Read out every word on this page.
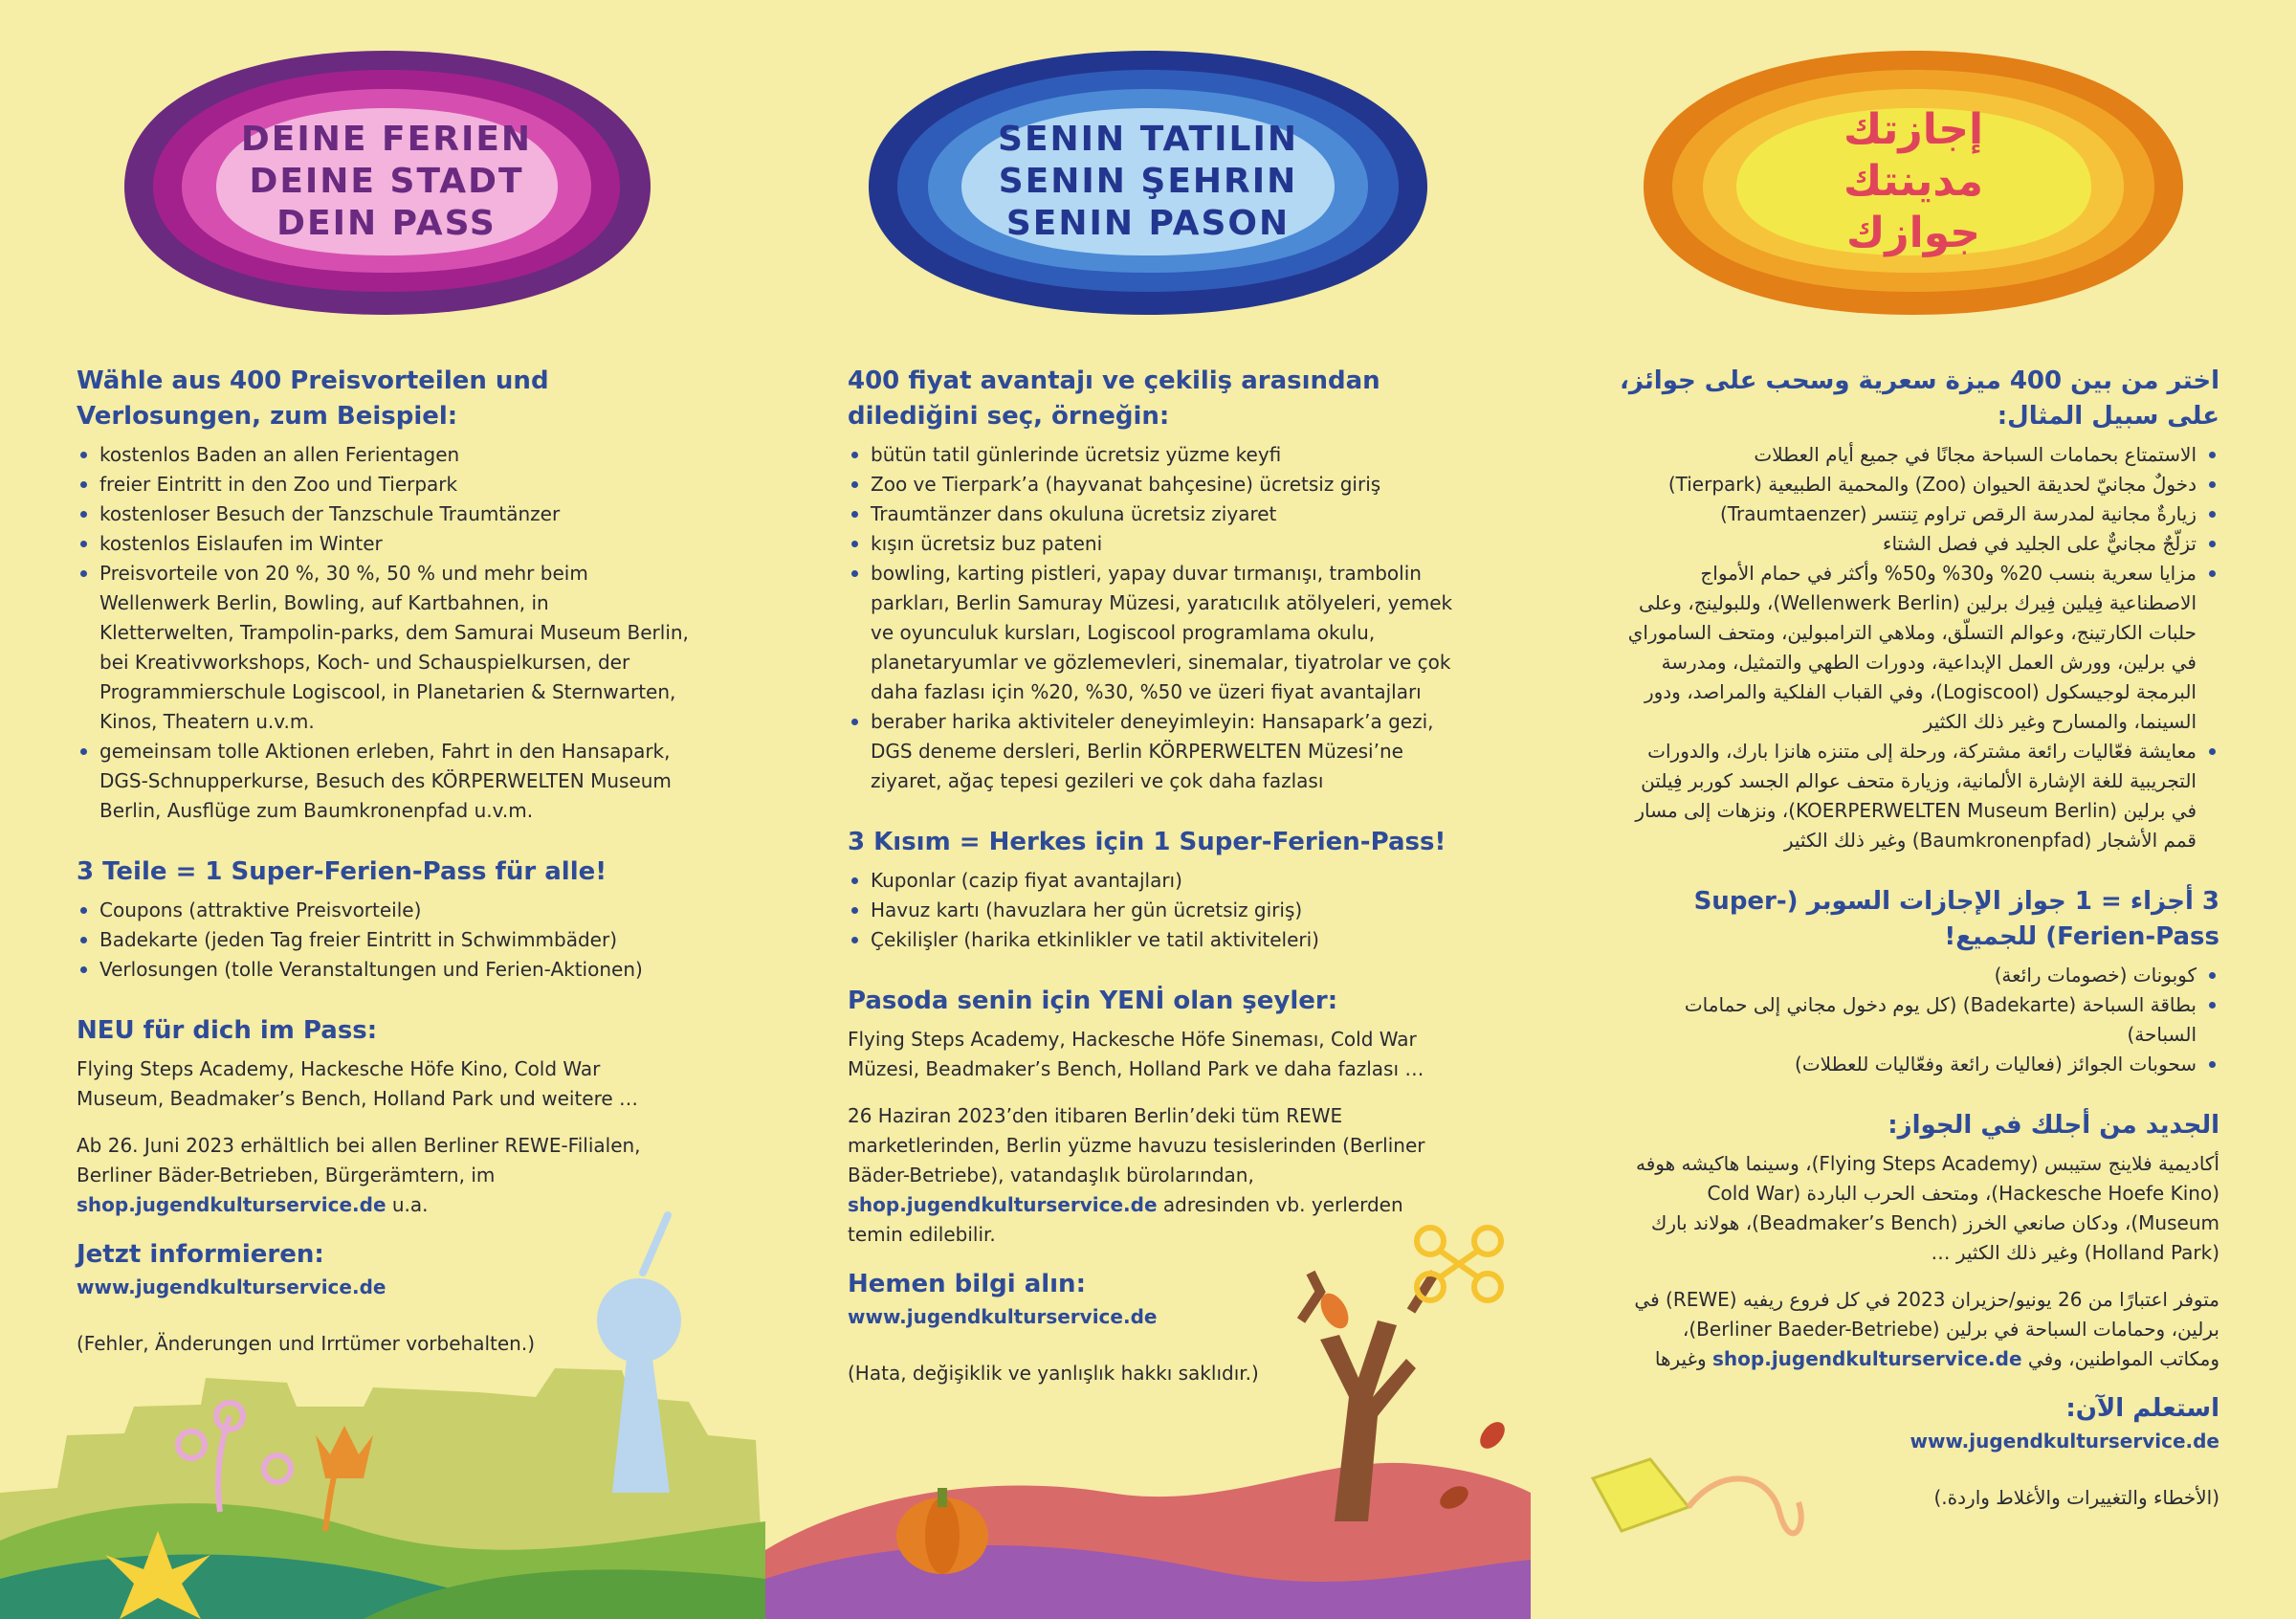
DEINE FERIEN
DEINE STADT
DEIN PASS
Wähle aus 400 Preisvorteilen und Verlosungen, zum Beispiel:
kostenlos Baden an allen Ferientagen
freier Eintritt in den Zoo und Tierpark
kostenloser Besuch der Tanzschule Traumtänzer
kostenlos Eislaufen im Winter
Preisvorteile von 20 %, 30 %, 50 % und mehr beim Wellenwerk Berlin, Bowling, auf Kartbahnen, in Kletterwelten, Trampolin-parks, dem Samurai Museum Berlin, bei Kreativworkshops, Koch- und Schauspielkursen, der Programmierschule Logiscool, in Planetarien & Sternwarten, Kinos, Theatern u.v.m.
gemeinsam tolle Aktionen erleben, Fahrt in den Hansapark, DGS-Schnupperkurse, Besuch des KÖRPERWELTEN Museum Berlin, Ausflüge zum Baumkronenpfad u.v.m.
3 Teile = 1 Super-Ferien-Pass für alle!
Coupons (attraktive Preisvorteile)
Badekarte (jeden Tag freier Eintritt in Schwimmbäder)
Verlosungen (tolle Veranstaltungen und Ferien-Aktionen)
NEU für dich im Pass:

Flying Steps Academy, Hackesche Höfe Kino, Cold War Museum, Beadmaker’s Bench, Holland Park und weitere …

Ab 26. Juni 2023 erhältlich bei allen Berliner REWE-Filialen, Berliner Bäder-Betrieben, Bürgerämtern, im shop.jugendkulturservice.de u.a.

Jetzt informieren:

www.jugendkulturservice.de

(Fehler, Änderungen und Irrtümer vorbehalten.)

SENIN TATILIN
SENIN ŞEHRIN
SENIN PASON
400 fiyat avantajı ve çekiliş arasından dilediğini seç, örneğin:
bütün tatil günlerinde ücretsiz yüzme keyfi
Zoo ve Tierpark’a (hayvanat bahçesine) ücretsiz giriş
Traumtänzer dans okuluna ücretsiz ziyaret
kışın ücretsiz buz pateni
bowling, karting pistleri, yapay duvar tırmanışı, trambolin parkları, Berlin Samuray Müzesi, yaratıcılık atölyeleri, yemek ve oyunculuk kursları, Logiscool programlama okulu, planetaryumlar ve gözlemevleri, sinemalar, tiyatrolar ve çok daha fazlası için %20, %30, %50 ve üzeri fiyat avantajları
beraber harika aktiviteler deneyimleyin: Hansapark’a gezi, DGS deneme dersleri, Berlin KÖRPERWELTEN Müzesi’ne ziyaret, ağaç tepesi gezileri ve çok daha fazlası
3 Kısım = Herkes için 1 Super-Ferien-Pass!
Kuponlar (cazip fiyat avantajları)
Havuz kartı (havuzlara her gün ücretsiz giriş)
Çekilişler (harika etkinlikler ve tatil aktiviteleri)
Pasoda senin için YENİ olan şeyler:

Flying Steps Academy, Hackesche Höfe Sineması, Cold War Müzesi, Beadmaker’s Bench, Holland Park ve daha fazlası …

26 Haziran 2023’den itibaren Berlin’deki tüm REWE marketlerinden, Berlin yüzme havuzu tesislerinden (Berliner Bäder-Betriebe), vatandaşlık bürolarından, shop.jugendkulturservice.de adresinden vb. yerlerden temin edilebilir.

Hemen bilgi alın:

www.jugendkulturservice.de

(Hata, değişiklik ve yanlışlık hakkı saklıdır.)

إجازتك
مدينتك
جوازك
اختر من بين 400 ميزة سعرية وسحب على جوائز، على سبيل المثال:
الاستمتاع بحمامات السباحة مجانًا في جميع أيام العطلات
دخولٌ مجانيّ لحديقة الحيوان (Zoo) والمحمية الطبيعية (Tierpark)
زيارةٌ مجانية لمدرسة الرقص تراوم تِنتسر (Traumtaenzer)
تزلّجٌ مجانيٌّ على الجليد في فصل الشتاء
مزايا سعرية بنسب 20% و30% و50% وأكثر في حمام الأمواج الاصطناعية فِيلين فِيرك برلين (Wellenwerk Berlin)، وللبولينج، وعلى حلبات الكارتينج، وعوالم التسلّق، وملاهي الترامبولين، ومتحف الساموراي في برلين، وورش العمل الإبداعية، ودورات الطهي والتمثيل، ومدرسة البرمجة لوجيسكول (Logiscool)، وفي القباب الفلكية والمراصد، ودور السينما، والمسارح وغير ذلك الكثير
معايشة فعّاليات رائعة مشتركة، ورحلة إلى متنزه هانزا بارك، والدورات التجريبية للغة الإشارة الألمانية، وزيارة متحف عوالم الجسد كوربر فِيلتن في برلين (KOERPERWELTEN Museum Berlin)، ونزهات إلى مسار قمم الأشجار (Baumkronenpfad) وغير ذلك الكثير
3 أجزاء = 1 جواز الإجازات السوبر (Super-Ferien-Pass) للجميع!
كوبونات (خصومات رائعة)
بطاقة السباحة (Badekarte) (كل يوم دخول مجاني إلى حمامات السباحة)
سحوبات الجوائز (فعاليات رائعة وفعّاليات للعطلات)
الجديد من أجلك في الجواز:

أكاديمية فلاينج ستيبس (Flying Steps Academy)، وسينما هاكيشه هوفه (Hackesche Hoefe Kino)، ومتحف الحرب الباردة (Cold War Museum)، ودكان صانعي الخرز (Beadmaker’s Bench)، هولاند بارك (Holland Park) وغير ذلك الكثير …

متوفر اعتبارًا من 26 يونيو/حزيران 2023 في كل فروع ريفيه (REWE) في برلين، وحمامات السباحة في برلين (Berliner Baeder-Betriebe)، ومكاتب المواطنين، وفي shop.jugendkulturservice.de وغيرها

استعلم الآن:

www.jugendkulturservice.de

(الأخطاء والتغييرات والأغلاط واردة.)
